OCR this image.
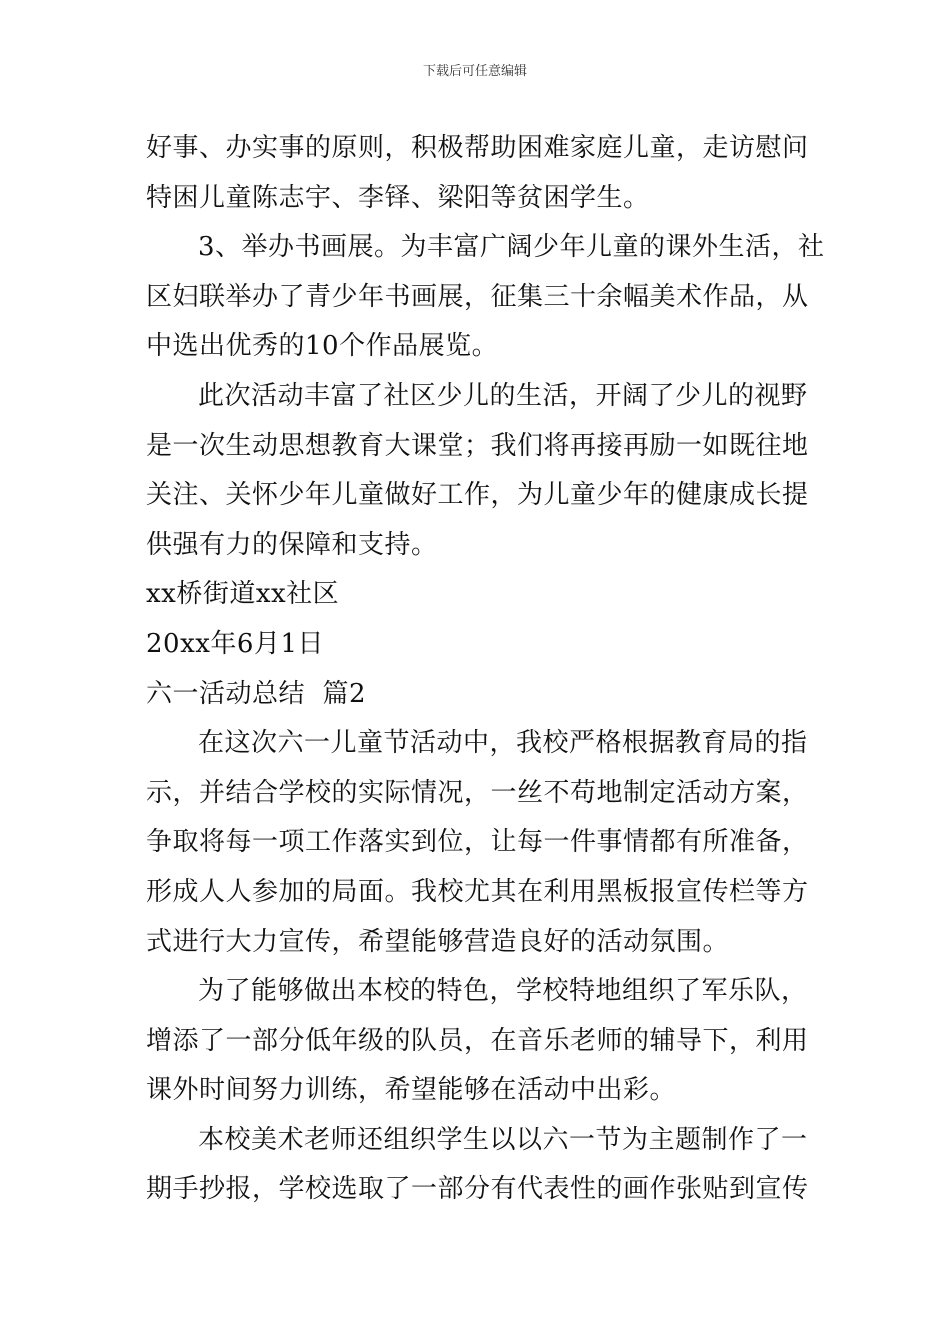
下载后可任意编辑
好事、办实事的原则，积极帮助困难家庭儿童，走访慰问
特困儿童陈志宇、李铎、梁阳等贫困学生。
3、举办书画展。为丰富广阔少年儿童的课外生活，社
区妇联举办了青少年书画展，征集三十余幅美术作品，从
中选出优秀的10个作品展览。
此次活动丰富了社区少儿的生活，开阔了少儿的视野
是一次生动思想教育大课堂；我们将再接再励一如既往地
关注、关怀少年儿童做好工作，为儿童少年的健康成长提
供强有力的保障和支持。
xx桥街道xx社区
20xx年6月1日
六一活动总结  篇2
在这次六一儿童节活动中，我校严格根据教育局的指
示，并结合学校的实际情况，一丝不苟地制定活动方案，
争取将每一项工作落实到位，让每一件事情都有所准备，
形成人人参加的局面。我校尤其在利用黑板报宣传栏等方
式进行大力宣传，希望能够营造良好的活动氛围。
为了能够做出本校的特色，学校特地组织了军乐队，
增添了一部分低年级的队员，在音乐老师的辅导下，利用
课外时间努力训练，希望能够在活动中出彩。
本校美术老师还组织学生以以六一节为主题制作了一
期手抄报，学校选取了一部分有代表性的画作张贴到宣传
